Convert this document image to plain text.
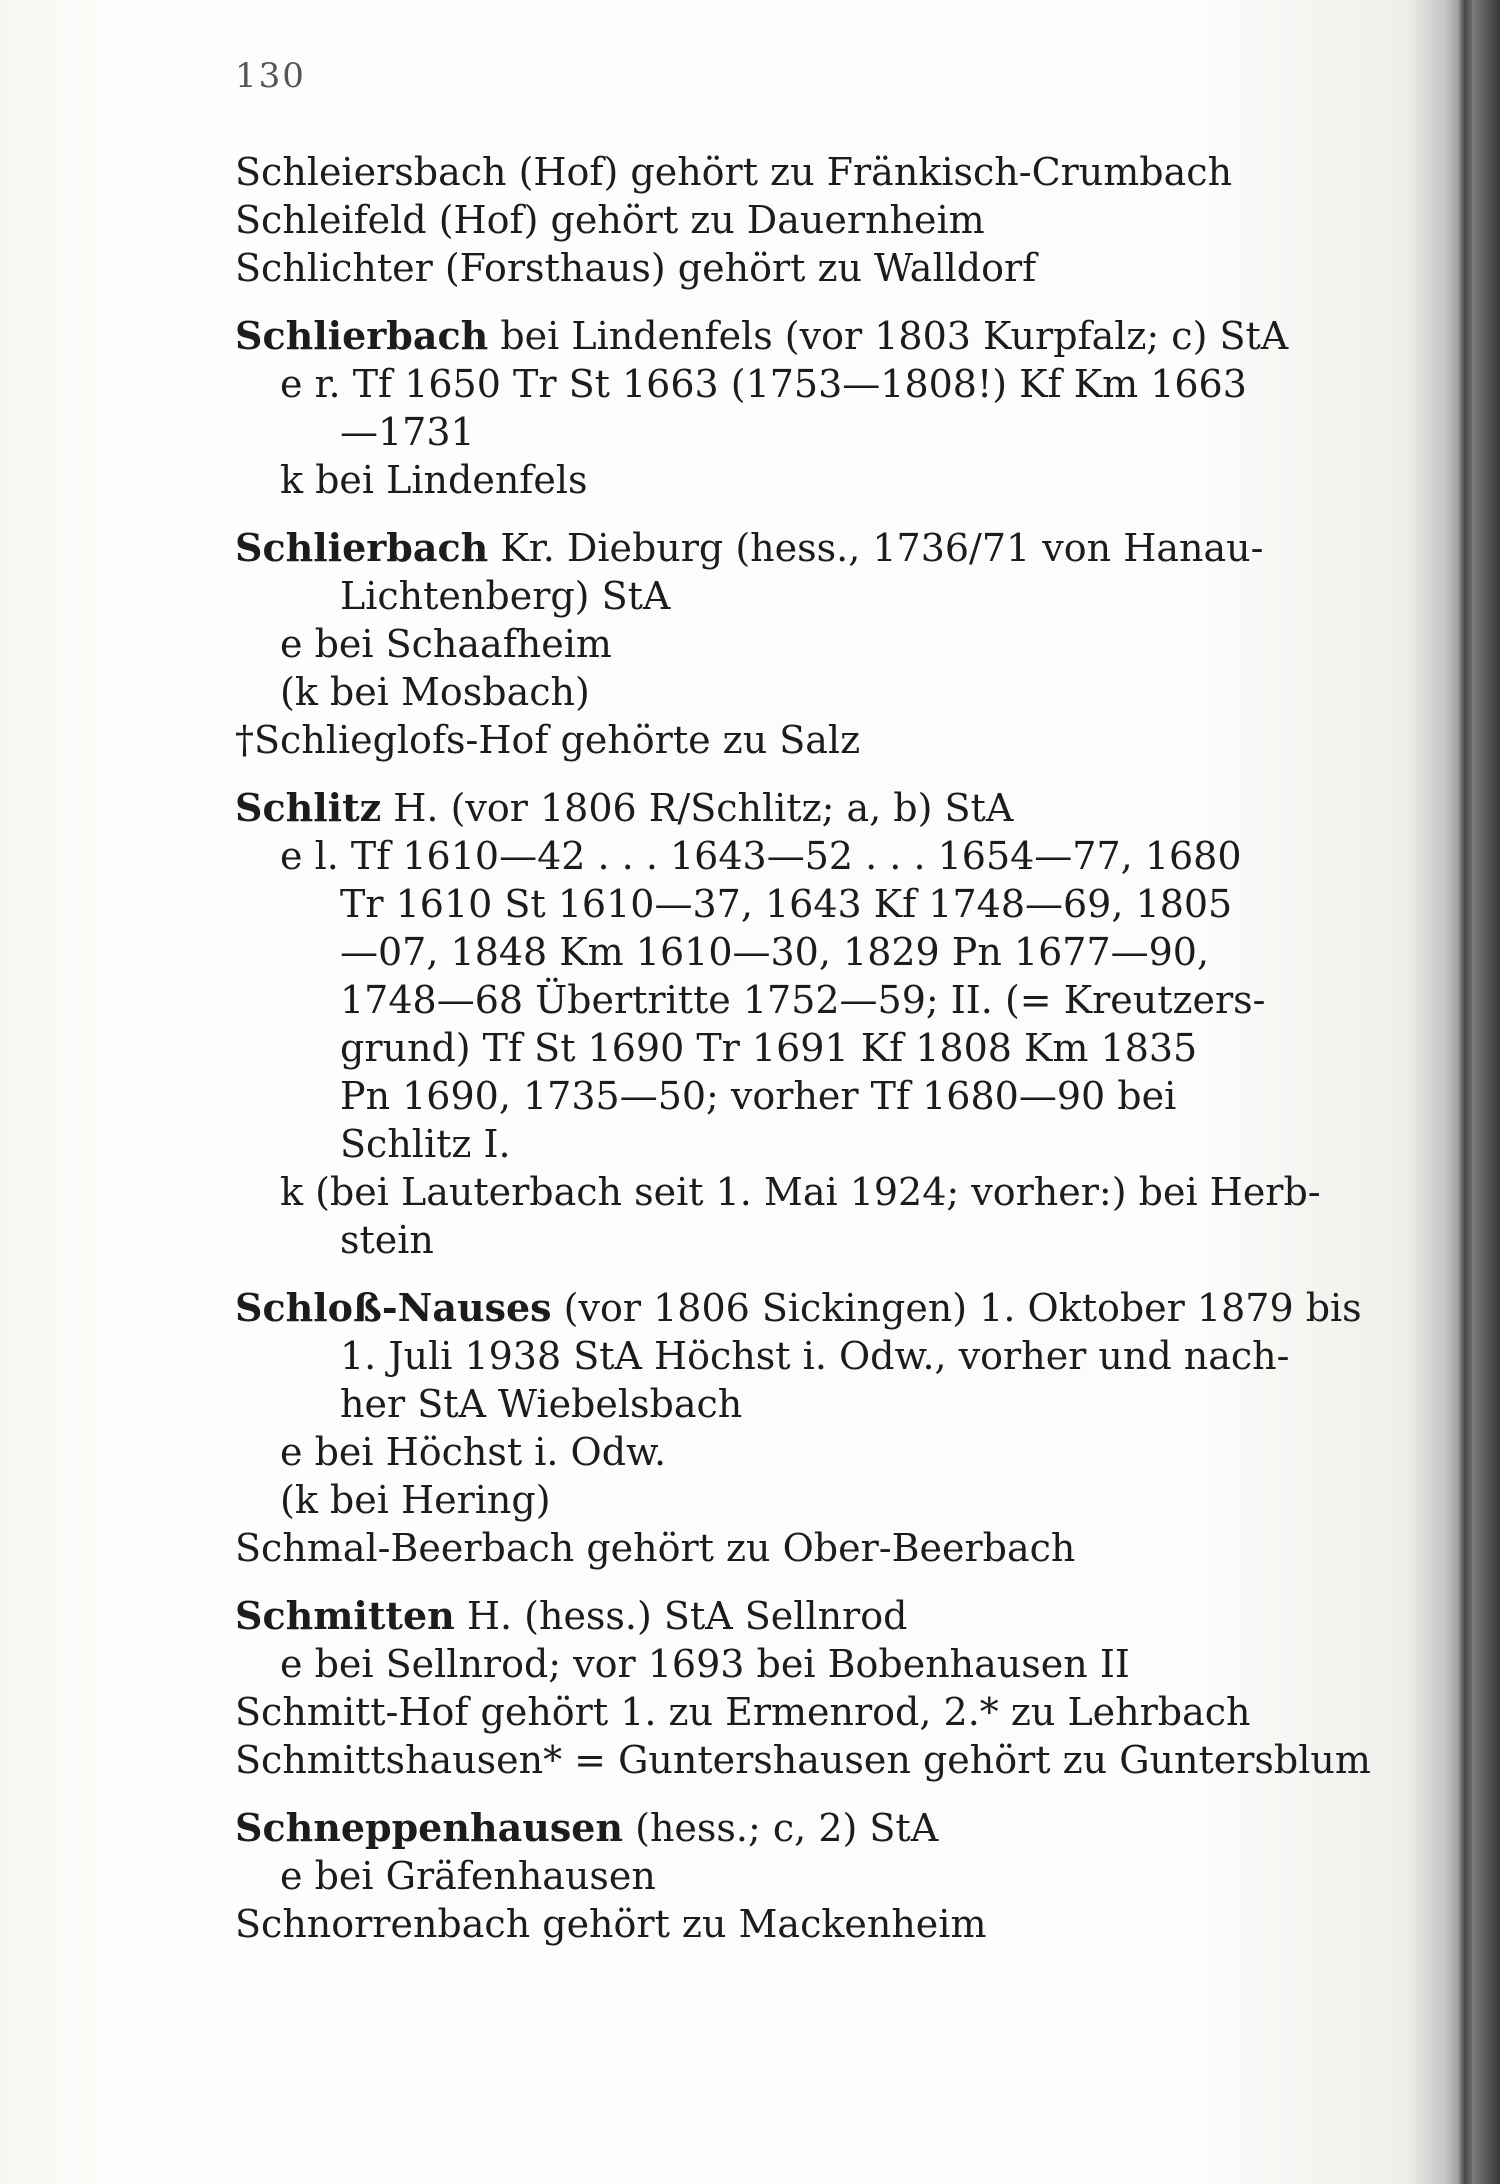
130
Schleiersbach (Hof) gehört zu Fränkisch-Crumbach
Schleifeld (Hof) gehört zu Dauernheim
Schlichter (Forsthaus) gehört zu Walldorf
Schlierbach bei Lindenfels (vor 1803 Kurpfalz; c) StA
e r. Tf 1650 Tr St 1663 (1753—1808!) Kf Km 1663
—1731
k bei Lindenfels
Schlierbach Kr. Dieburg (hess., 1736/71 von Hanau-
Lichtenberg) StA
e bei Schaafheim
(k bei Mosbach)
†Schlieglofs-Hof gehörte zu Salz
Schlitz H. (vor 1806 R/Schlitz; a, b) StA
e l. Tf 1610—42 . . . 1643—52 . . . 1654—77, 1680
Tr 1610 St 1610—37, 1643 Kf 1748—69, 1805
—07, 1848 Km 1610—30, 1829 Pn 1677—90,
1748—68 Übertritte 1752—59; II. (= Kreutzers-
grund) Tf St 1690 Tr 1691 Kf 1808 Km 1835
Pn 1690, 1735—50; vorher Tf 1680—90 bei
Schlitz I.
k (bei Lauterbach seit 1. Mai 1924; vorher:) bei Herb-
stein
Schloß-Nauses (vor 1806 Sickingen) 1. Oktober 1879 bis
1. Juli 1938 StA Höchst i. Odw., vorher und nach-
her StA Wiebelsbach
e bei Höchst i. Odw.
(k bei Hering)
Schmal-Beerbach gehört zu Ober-Beerbach
Schmitten H. (hess.) StA Sellnrod
e bei Sellnrod; vor 1693 bei Bobenhausen II
Schmitt-Hof gehört 1. zu Ermenrod, 2.* zu Lehrbach
Schmittshausen* = Guntershausen gehört zu Guntersblum
Schneppenhausen (hess.; c, 2) StA
e bei Gräfenhausen
Schnorrenbach gehört zu Mackenheim
